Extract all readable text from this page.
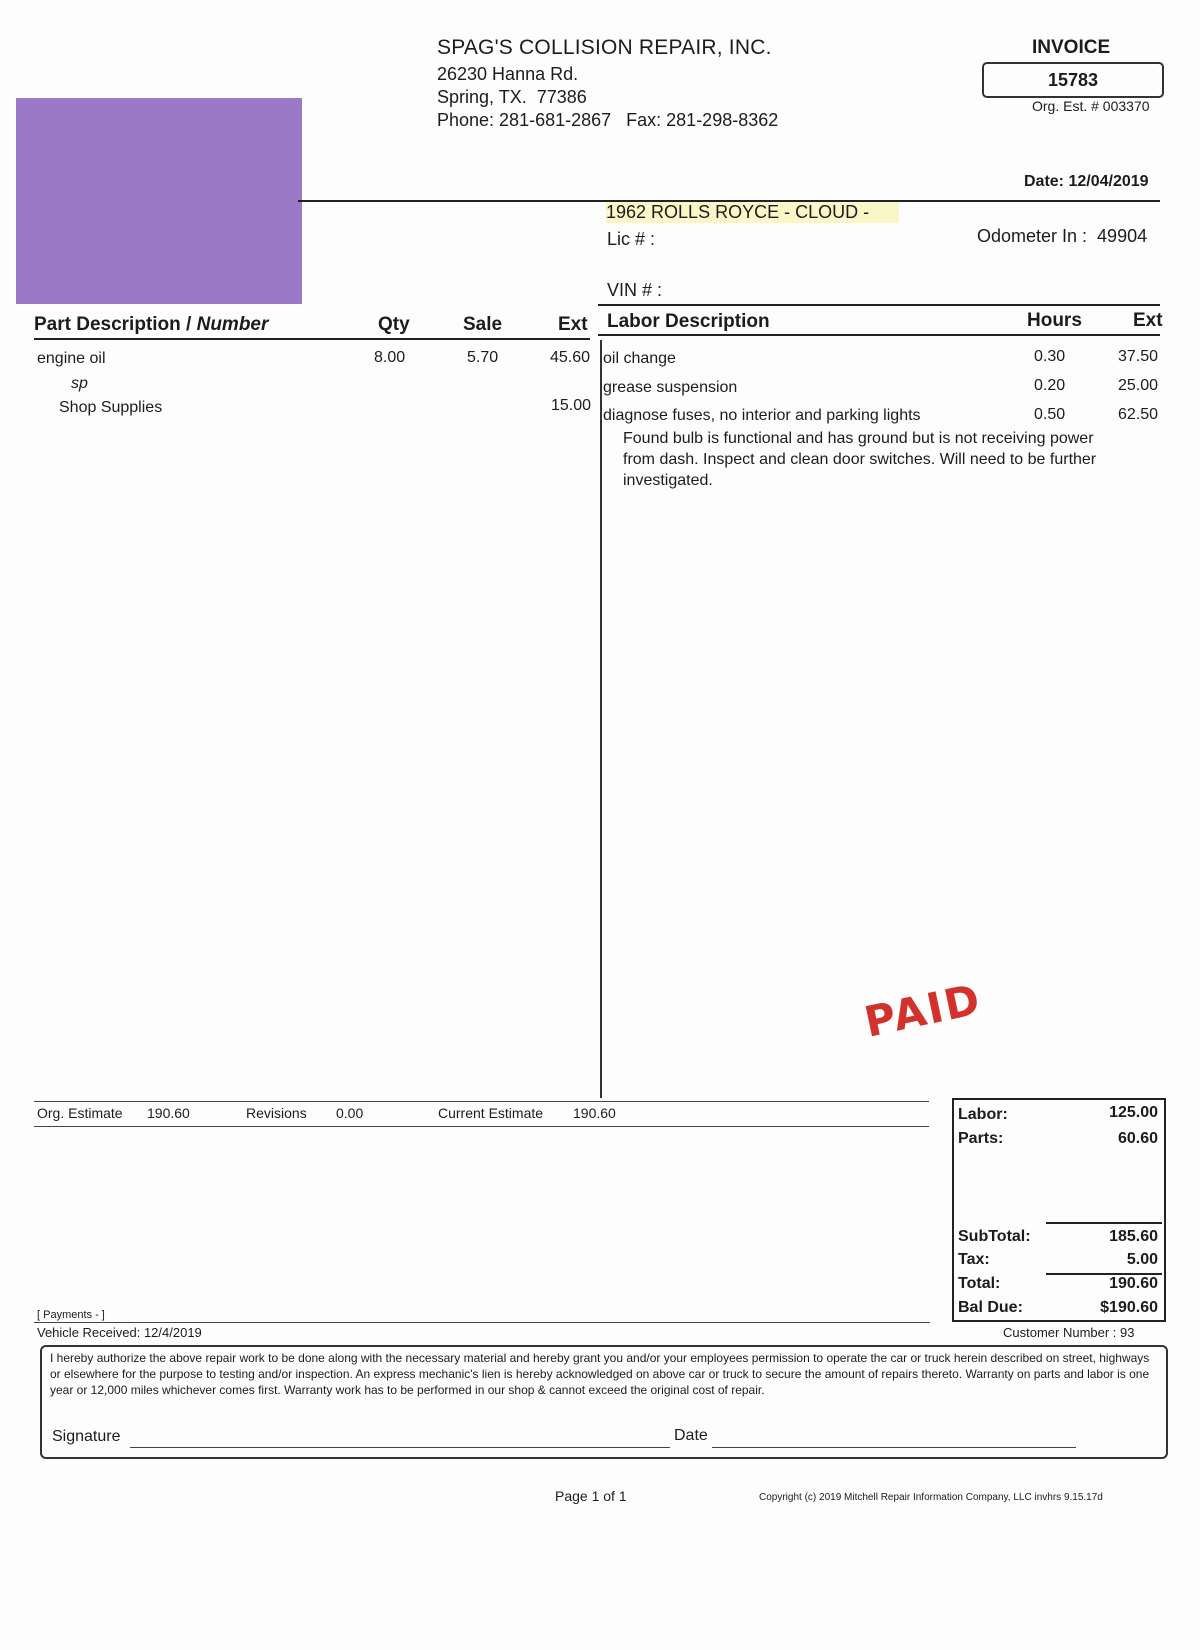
SPAG'S COLLISION REPAIR, INC.
26230 Hanna Rd.
Spring, TX.  77386
Phone: 281-681-2867   Fax: 281-298-8362
INVOICE
15783
Org. Est. # 003370
Date: 12/04/2019
1962 ROLLS ROYCE - CLOUD -
Lic # :	Odometer In :  49904
VIN # :
Part Description / Number	Qty	Sale	Ext Labor Description	Hours	Ext
engine oil	8.00	5.70	45.60
sp
Shop Supplies	15.00
oil change	0.30	37.50
grease suspension	0.20	25.00
diagnose fuses, no interior and parking lights	0.50	62.50
Found bulb is functional and has ground but is not receiving power
from dash. Inspect and clean door switches. Will need to be further
investigated.
PAID
Org. Estimate 190.60	Revisions 0.00	Current Estimate 190.60	Labor:	125.00
Parts:	60.60
SubTotal:	185.60
Tax:	5.00
Total:	190.60
Bal Due:	$190.60
[ Payments - ]
Vehicle Received: 12/4/2019	Customer Number : 93
I hereby authorize the above repair work to be done along with the necessary material and hereby grant you and/or your employees permission to operate the car or truck herein described on street, highways or elsewhere for the purpose to testing and/or inspection. An express mechanic's lien is hereby acknowledged on above car or truck to secure the amount of repairs thereto. Warranty on parts and labor is one year or 12,000 miles whichever comes first. Warranty work has to be performed in our shop & cannot exceed the original cost of repair.
Signature	Date
Page 1 of 1	Copyright (c) 2019 Mitchell Repair Information Company, LLC invhrs 9.15.17d
